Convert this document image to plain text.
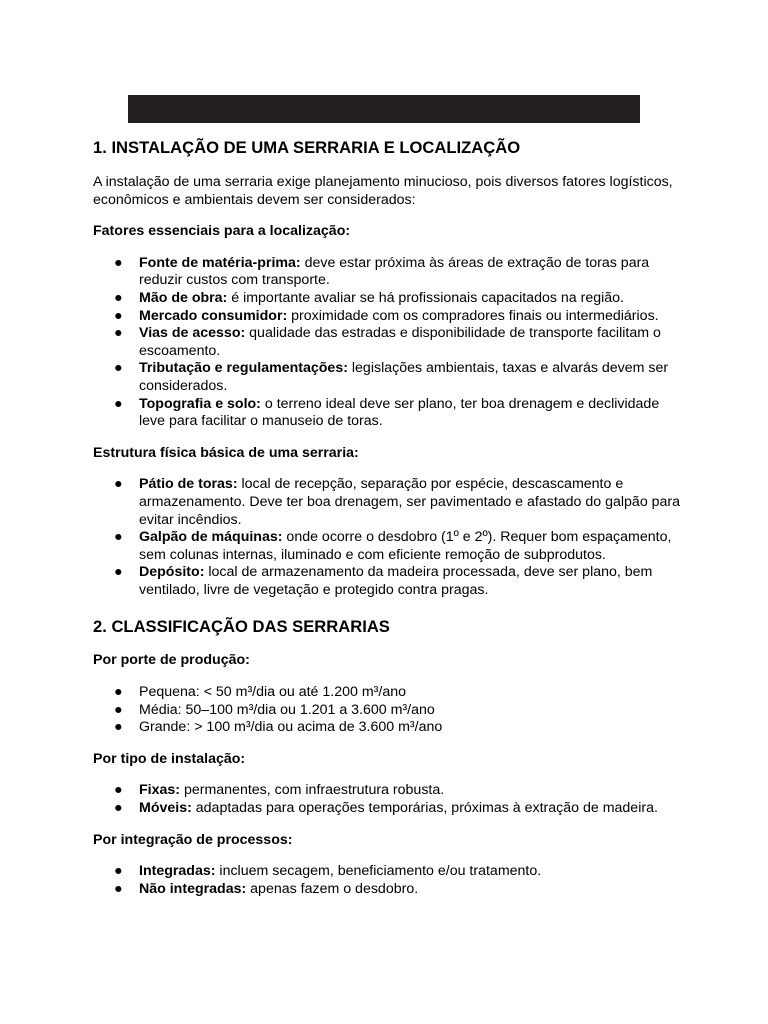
1. INSTALAÇÃO DE UMA SERRARIA E LOCALIZAÇÃO

A instalação de uma serraria exige planejamento minucioso, pois diversos fatores logísticos, econômicos e ambientais devem ser considerados:

Fatores essenciais para a localização:

● Fonte de matéria-prima: deve estar próxima às áreas de extração de toras para reduzir custos com transporte.
● Mão de obra: é importante avaliar se há profissionais capacitados na região.
● Mercado consumidor: proximidade com os compradores finais ou intermediários.
● Vias de acesso: qualidade das estradas e disponibilidade de transporte facilitam o escoamento.
● Tributação e regulamentações: legislações ambientais, taxas e alvarás devem ser considerados.
● Topografia e solo: o terreno ideal deve ser plano, ter boa drenagem e declividade leve para facilitar o manuseio de toras.

Estrutura física básica de uma serraria:

● Pátio de toras: local de recepção, separação por espécie, descascamento e armazenamento. Deve ter boa drenagem, ser pavimentado e afastado do galpão para evitar incêndios.
● Galpão de máquinas: onde ocorre o desdobro (1º e 2º). Requer bom espaçamento, sem colunas internas, iluminado e com eficiente remoção de subprodutos.
● Depósito: local de armazenamento da madeira processada, deve ser plano, bem ventilado, livre de vegetação e protegido contra pragas.
2. CLASSIFICAÇÃO DAS SERRARIAS

Por porte de produção:

● Pequena: < 50 m³/dia ou até 1.200 m³/ano
● Média: 50–100 m³/dia ou 1.201 a 3.600 m³/ano
● Grande: > 100 m³/dia ou acima de 3.600 m³/ano

Por tipo de instalação:

● Fixas: permanentes, com infraestrutura robusta.
● Móveis: adaptadas para operações temporárias, próximas à extração de madeira.

Por integração de processos:

● Integradas: incluem secagem, beneficiamento e/ou tratamento.
● Não integradas: apenas fazem o desdobro.
